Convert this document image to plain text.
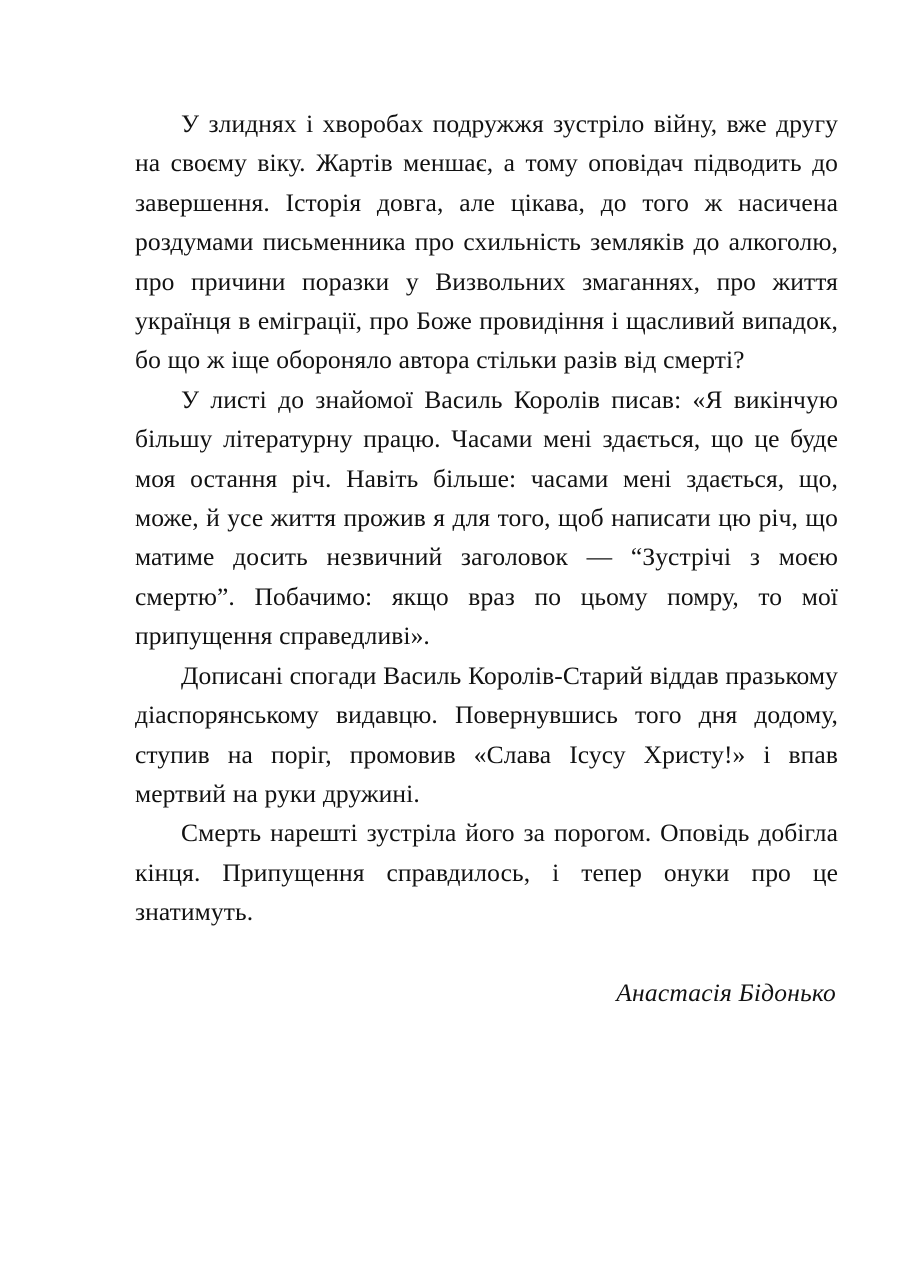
У злиднях і хворобах подружжя зустріло війну, вже другу на своєму віку. Жартів меншає, а тому оповідач підводить до завершення. Історія довга, але цікава, до того ж насичена роздумами письменника про схильність земляків до алкоголю, про причини поразки у Визвольних змаганнях, про життя українця в еміграції, про Боже провидіння і щасливий випадок, бо що ж іще обороняло автора стільки разів від смерті?

У листі до знайомої Василь Королів писав: «Я викінчую більшу літературну працю. Часами мені здається, що це буде моя остання річ. Навіть більше: часами мені здається, що, може, й усе життя прожив я для того, щоб написати цю річ, що матиме досить незвичний заголовок — “Зустрічі з моєю смертю”. Побачимо: якщо враз по цьому помру, то мої припущення справедливі».

Дописані спогади Василь Королів-Старий віддав празькому діаспорянському видавцю. Повернувшись того дня додому, ступив на поріг, промовив «Слава Ісусу Христу!» і впав мертвий на руки дружині.

Смерть нарешті зустріла його за порогом. Оповідь добігла кінця. Припущення справдилось, і тепер онуки про це знатимуть.

Анастасія Бідонько
